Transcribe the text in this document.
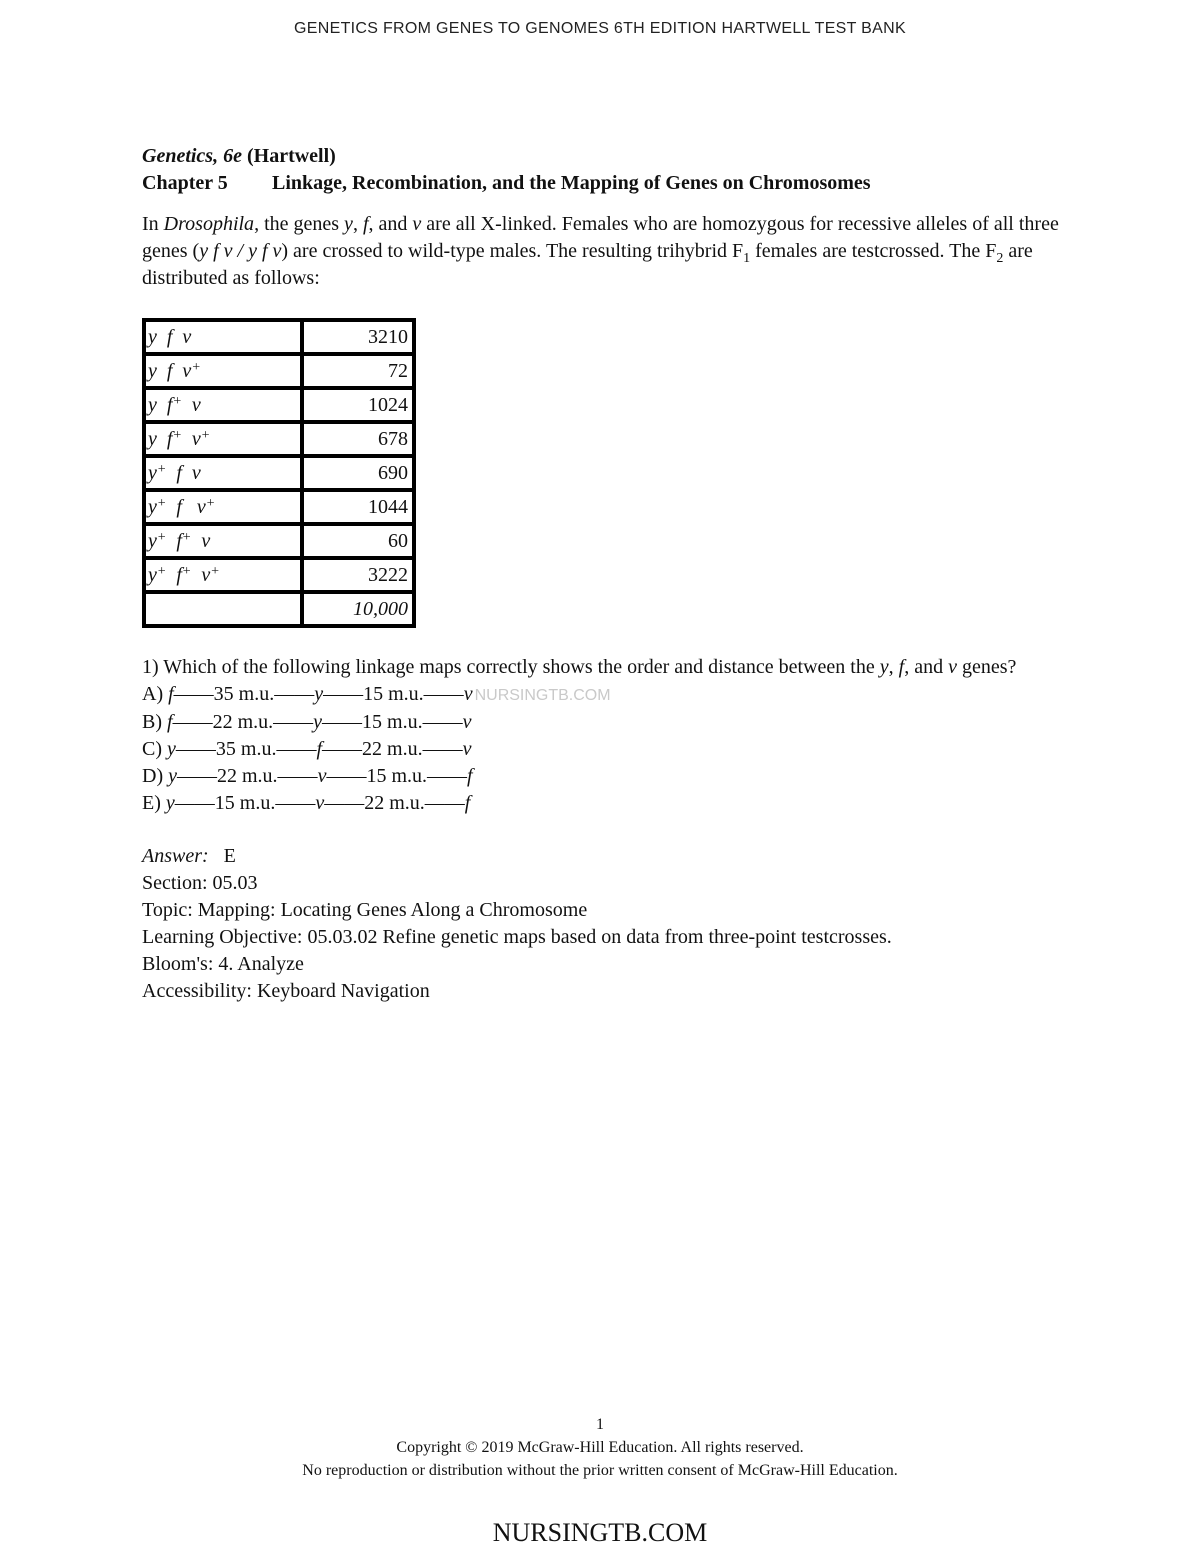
GENETICS FROM GENES TO GENOMES 6TH EDITION HARTWELL TEST BANK
Genetics, 6e (Hartwell)
Chapter 5 Linkage, Recombination, and the Mapping of Genes on Chromosomes
In Drosophila, the genes y, f, and v are all X-linked. Females who are homozygous for recessive alleles of all three genes (y f v / y f v) are crossed to wild-type males. The resulting trihybrid $F_1$ females are testcrossed. The $F_2$ are distributed as follows:
y  f  v	3210
y  f  v+	72
y  f+  v	1024
y  f+  v+	678
y+  f  v	690
y+  f   v+	1044
y+  f+  v	60
y+  f+  v+	3222
	10,000
1) Which of the following linkage maps correctly shows the order and distance between the y, f, and v genes?
A) f——35 m.u.——y——15 m.u.——v NURSINGTB.COM
B) f——22 m.u.——y——15 m.u.——v
C) y——35 m.u.——f——22 m.u.——v
D) y——22 m.u.——v——15 m.u.——f
E) y——15 m.u.——v——22 m.u.——f
Answer: E
Section: 05.03
Topic: Mapping: Locating Genes Along a Chromosome
Learning Objective: 05.03.02 Refine genetic maps based on data from three-point testcrosses.
Bloom's: 4. Analyze
Accessibility: Keyboard Navigation
1
Copyright © 2019 McGraw-Hill Education. All rights reserved.
No reproduction or distribution without the prior written consent of McGraw-Hill Education.
NURSINGTB.COM
